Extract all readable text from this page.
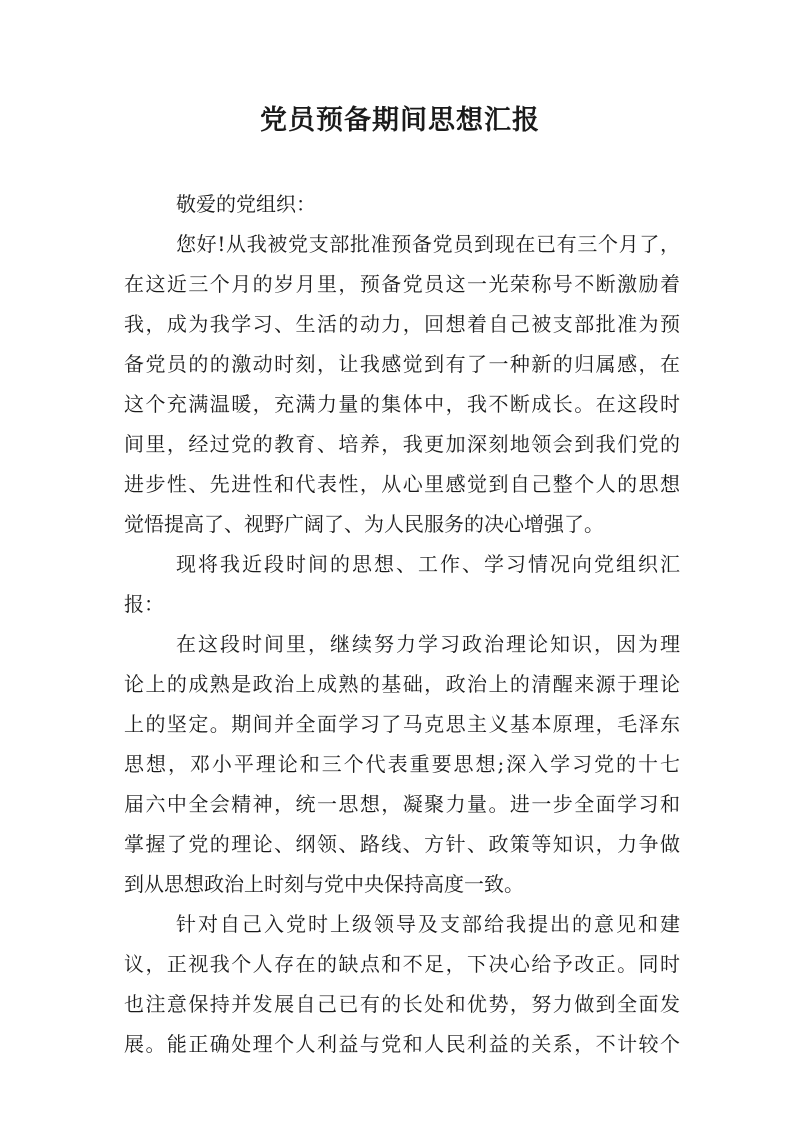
党员预备期间思想汇报
敬爱的党组织：
您好!从我被党支部批准预备党员到现在已有三个月了，
在这近三个月的岁月里，预备党员这一光荣称号不断激励着
我，成为我学习、生活的动力，回想着自己被支部批准为预
备党员的的激动时刻，让我感觉到有了一种新的归属感，在
这个充满温暖，充满力量的集体中，我不断成长。在这段时
间里，经过党的教育、培养，我更加深刻地领会到我们党的
进步性、先进性和代表性，从心里感觉到自己整个人的思想
觉悟提高了、视野广阔了、为人民服务的决心增强了。
现将我近段时间的思想、工作、学习情况向党组织汇
报：
在这段时间里，继续努力学习政治理论知识，因为理
论上的成熟是政治上成熟的基础，政治上的清醒来源于理论
上的坚定。期间并全面学习了马克思主义基本原理，毛泽东
思想，邓小平理论和三个代表重要思想;深入学习党的十七
届六中全会精神，统一思想，凝聚力量。进一步全面学习和
掌握了党的理论、纲领、路线、方针、政策等知识，力争做
到从思想政治上时刻与党中央保持高度一致。
针对自己入党时上级领导及支部给我提出的意见和建
议，正视我个人存在的缺点和不足，下决心给予改正。同时
也注意保持并发展自己已有的长处和优势，努力做到全面发
展。能正确处理个人利益与党和人民利益的关系，不计较个
